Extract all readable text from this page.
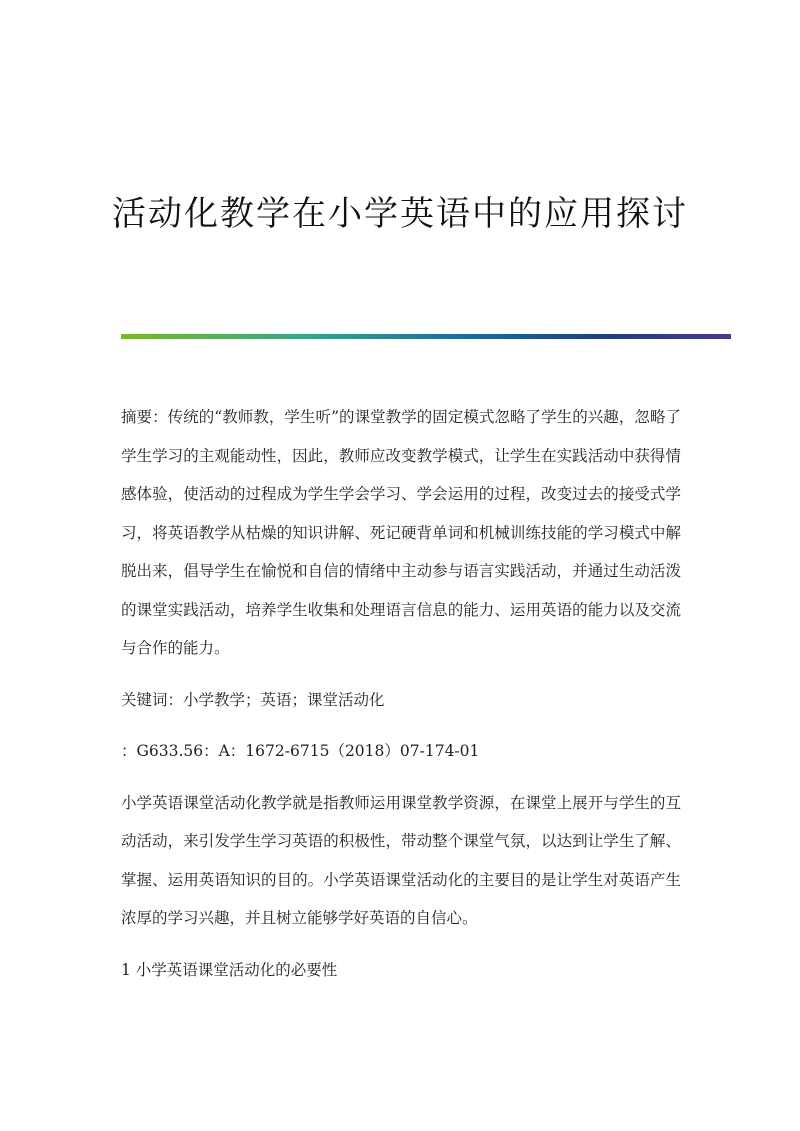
活动化教学在小学英语中的应用探讨

摘要：传统的“教师教，学生听”的课堂教学的固定模式忽略了学生的兴趣，忽略了学生学习的主观能动性，因此，教师应改变教学模式，让学生在实践活动中获得情感体验，使活动的过程成为学生学会学习、学会运用的过程，改变过去的接受式学习，将英语教学从枯燥的知识讲解、死记硬背单词和机械训练技能的学习模式中解脱出来，倡导学生在愉悦和自信的情绪中主动参与语言实践活动，并通过生动活泼的课堂实践活动，培养学生收集和处理语言信息的能力、运用英语的能力以及交流与合作的能力。

关键词：小学教学；英语；课堂活动化

：G633.56：A：1672-6715（2018）07-174-01

小学英语课堂活动化教学就是指教师运用课堂教学资源，在课堂上展开与学生的互动活动，来引发学生学习英语的积极性，带动整个课堂气氛，以达到让学生了解、掌握、运用英语知识的目的。小学英语课堂活动化的主要目的是让学生对英语产生浓厚的学习兴趣，并且树立能够学好英语的自信心。

1 小学英语课堂活动化的必要性
